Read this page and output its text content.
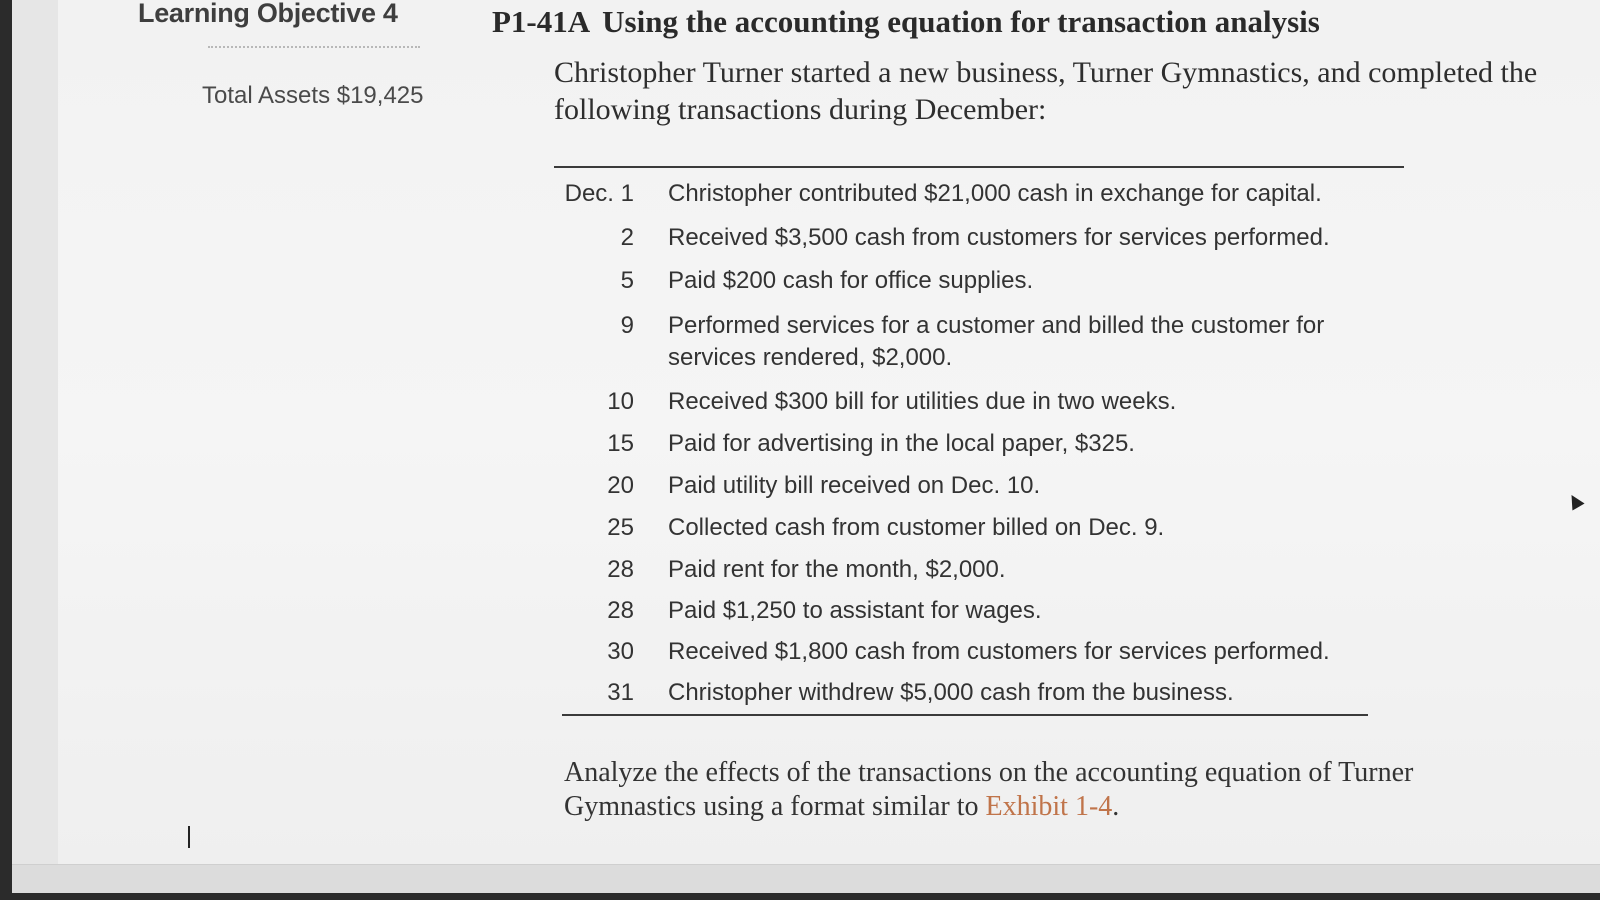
Learning Objective 4
Total Assets $19,425
P1-41A Using the accounting equation for transaction analysis
Christopher Turner started a new business, Turner Gymnastics, and completed the following transactions during December:
Dec. 1 Christopher contributed $21,000 cash in exchange for capital.
2 Received $3,500 cash from customers for services performed.
5 Paid $200 cash for office supplies.
9 Performed services for a customer and billed the customer for services rendered, $2,000.
10 Received $300 bill for utilities due in two weeks.
15 Paid for advertising in the local paper, $325.
20 Paid utility bill received on Dec. 10.
25 Collected cash from customer billed on Dec. 9.
28 Paid rent for the month, $2,000.
28 Paid $1,250 to assistant for wages.
30 Received $1,800 cash from customers for services performed.
31 Christopher withdrew $5,000 cash from the business.
Analyze the effects of the transactions on the accounting equation of Turner Gymnastics using a format similar to Exhibit 1-4.
